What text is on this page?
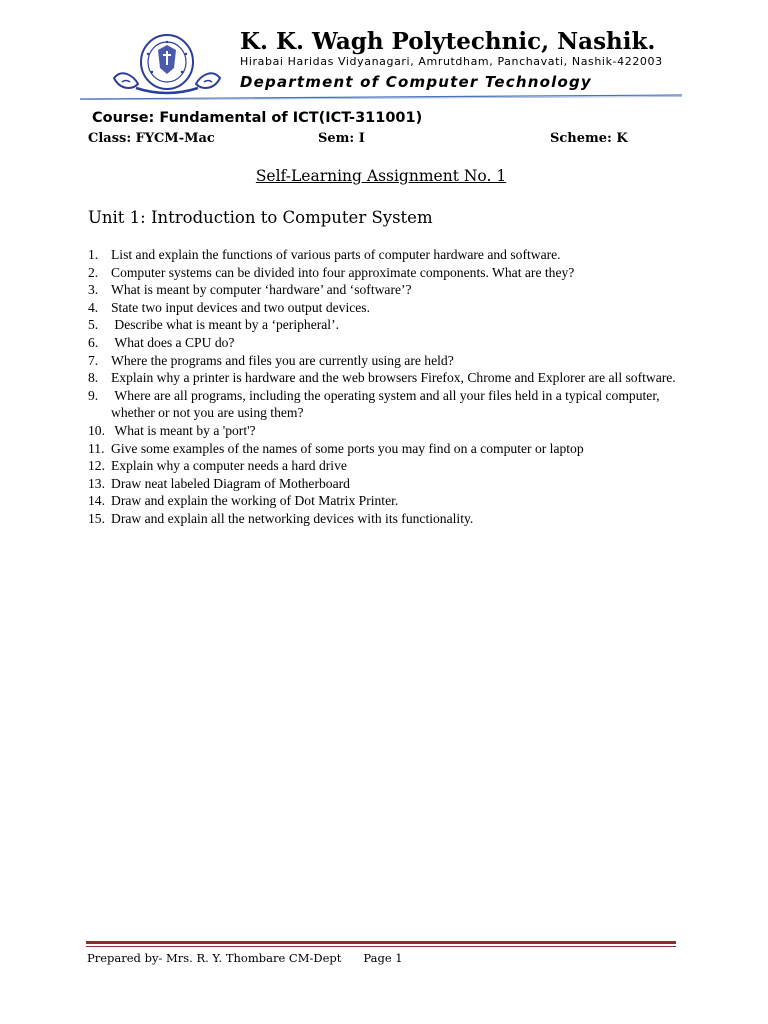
K. K. Wagh Polytechnic, Nashik.
Hirabai Haridas Vidyanagari, Amrutdham, Panchavati, Nashik-422003
Department of Computer Technology
Course: Fundamental of ICT(ICT-311001)
Class: FYCM-Mac	Sem: I	Scheme: K
Self-Learning Assignment No. 1
Unit 1: Introduction to Computer System
1. List and explain the functions of various parts of computer hardware and software.
2. Computer systems can be divided into four approximate components. What are they?
3. What is meant by computer ‘hardware’ and ‘software’?
4. State two input devices and two output devices.
5. Describe what is meant by a ‘peripheral’.
6. What does a CPU do?
7. Where the programs and files you are currently using are held?
8. Explain why a printer is hardware and the web browsers Firefox, Chrome and Explorer are all software.
9. Where are all programs, including the operating system and all your files held in a typical computer, whether or not you are using them?
10. What is meant by a 'port'?
11. Give some examples of the names of some ports you may find on a computer or laptop
12. Explain why a computer needs a hard drive
13. Draw neat labeled Diagram of Motherboard
14. Draw and explain the working of Dot Matrix Printer.
15. Draw and explain all the networking devices with its functionality.
Prepared by- Mrs. R. Y. Thombare CM-Dept Page 1
